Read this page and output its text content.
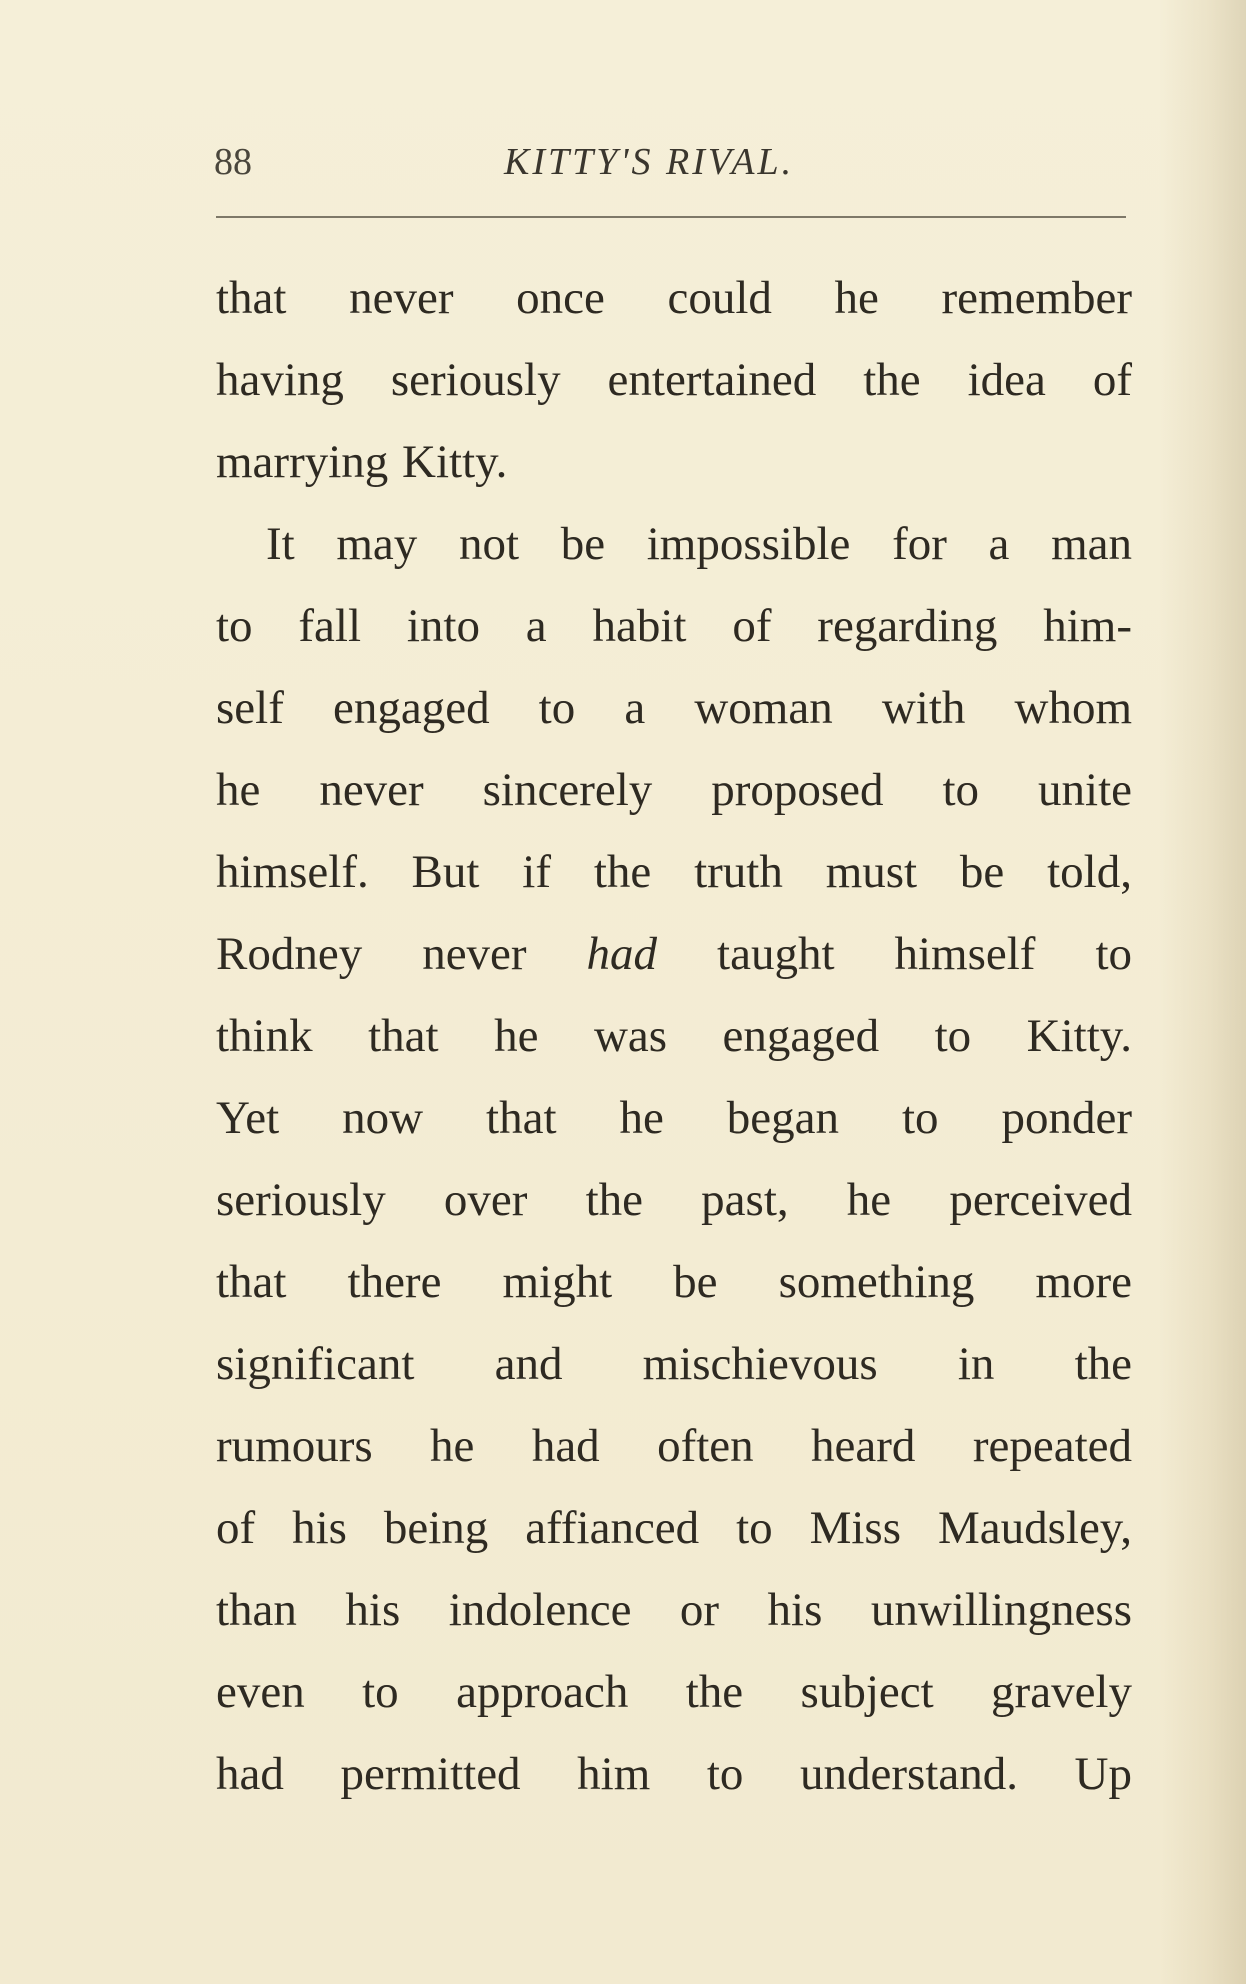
88	KITTY'S RIVAL.
that never once could he remember
having seriously entertained the idea of
marrying Kitty.
It may not be impossible for a man
to fall into a habit of regarding him-
self engaged to a woman with whom
he never sincerely proposed to unite
himself. But if the truth must be told,
Rodney never had taught himself to
think that he was engaged to Kitty.
Yet now that he began to ponder
seriously over the past, he perceived
that there might be something more
significant and mischievous in the
rumours he had often heard repeated
of his being affianced to Miss Maudsley,
than his indolence or his unwillingness
even to approach the subject gravely
had permitted him to understand. Up
